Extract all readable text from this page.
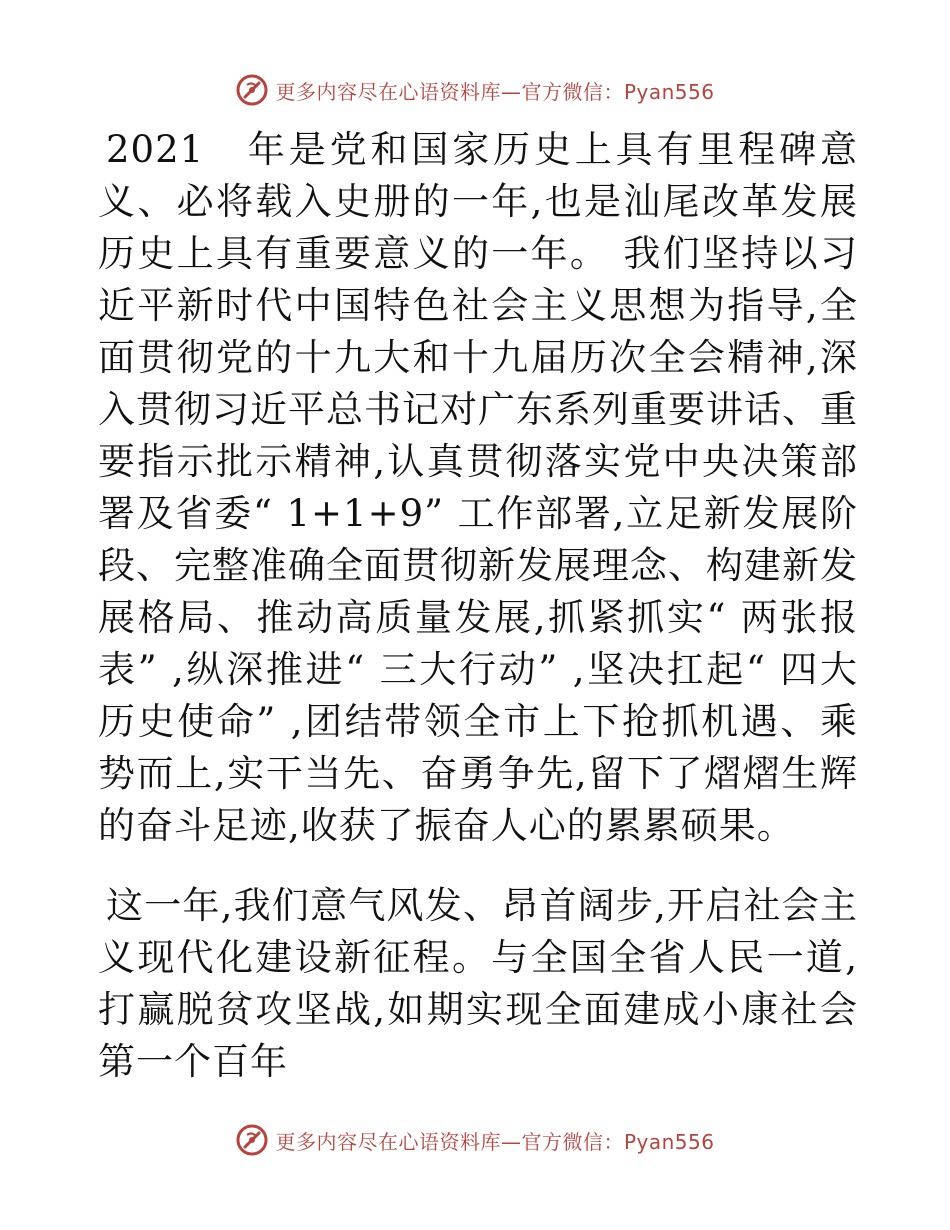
更多内容尽在心语资料库—官方微信：Pyan556

2021　年是党和国家历史上具有里程碑意义、必将载入史册的一年,也是汕尾改革发展历史上具有重要意义的一年。 我们坚持以习近平新时代中国特色社会主义思想为指导,全面贯彻党的十九大和十九届历次全会精神,深入贯彻习近平总书记对广东系列重要讲话、重要指示批示精神,认真贯彻落实党中央决策部署及省委“ 1+1+9” 工作部署,立足新发展阶段、完整准确全面贯彻新发展理念、构建新发展格局、推动高质量发展,抓紧抓实“ 两张报表” ,纵深推进“ 三大行动” ,坚决扛起“ 四大历史使命” ,团结带领全市上下抢抓机遇、乘势而上,实干当先、奋勇争先,留下了熠熠生辉的奋斗足迹,收获了振奋人心的累累硕果。

这一年,我们意气风发、昂首阔步,开启社会主义现代化建设新征程。与全国全省人民一道,打赢脱贫攻坚战,如期实现全面建成小康社会第一个百年

更多内容尽在心语资料库—官方微信：Pyan556
